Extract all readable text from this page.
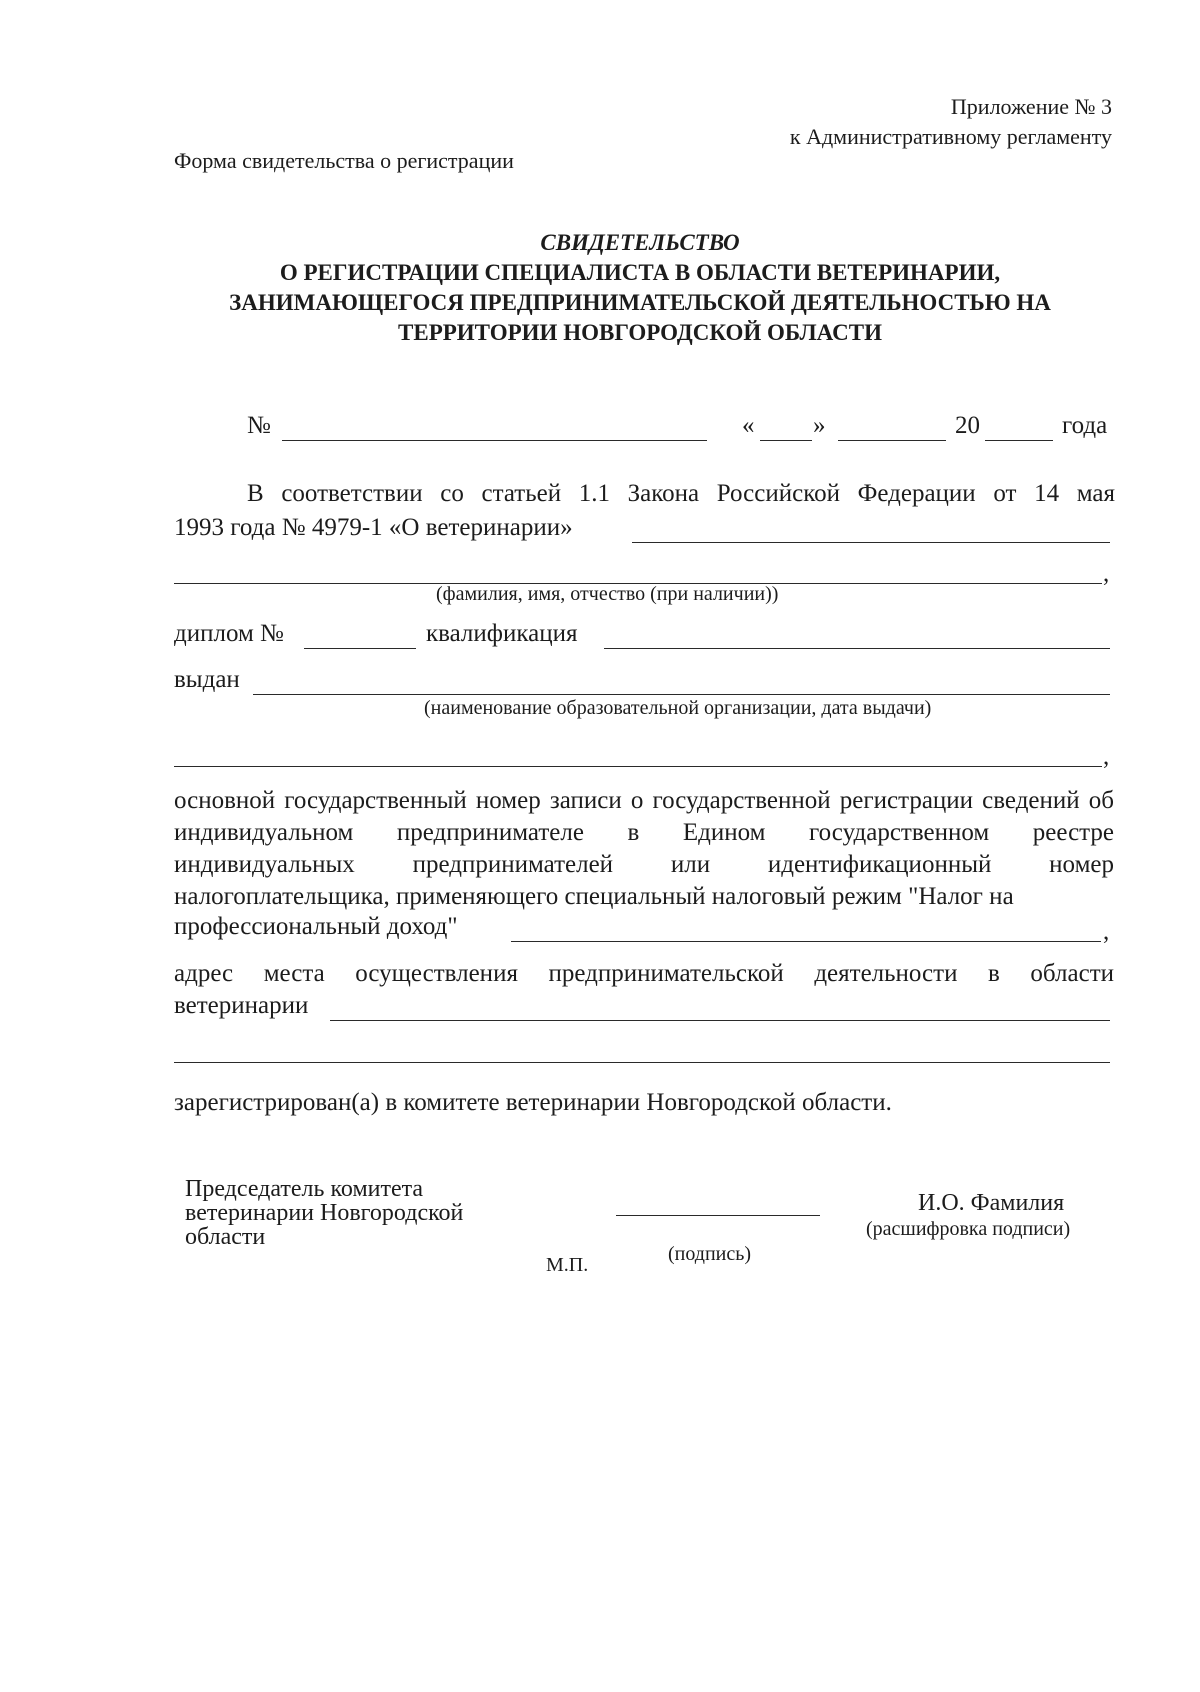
Приложение № 3
к Административному регламенту
Форма свидетельства о регистрации
СВИДЕТЕЛЬСТВО
О РЕГИСТРАЦИИ СПЕЦИАЛИСТА В ОБЛАСТИ ВЕТЕРИНАРИИ,
ЗАНИМАЮЩЕГОСЯ ПРЕДПРИНИМАТЕЛЬСКОЙ ДЕЯТЕЛЬНОСТЬЮ НА
ТЕРРИТОРИИ НОВГОРОДСКОЙ ОБЛАСТИ
№	« »	20	года
В соответствии со статьей 1.1 Закона Российской Федерации от 14 мая
1993 года № 4979-1 «О ветеринарии»
,
(фамилия, имя, отчество (при наличии))
диплом №	квалификация
выдан
(наименование образовательной организации, дата выдачи)
,
основной государственный номер записи о государственной регистрации сведений об индивидуальном предпринимателе в Едином государственном реестре индивидуальных предпринимателей или идентификационный номер налогоплательщика, применяющего специальный налоговый режим "Налог на
профессиональный доход"	,
адрес места осуществления предпринимательской деятельности в области
ветеринарии
зарегистрирован(а) в комитете ветеринарии Новгородской области.
Председатель комитета
ветеринарии Новгородской
области
(подпись)
М.П.
И.О. Фамилия
(расшифровка подписи)
